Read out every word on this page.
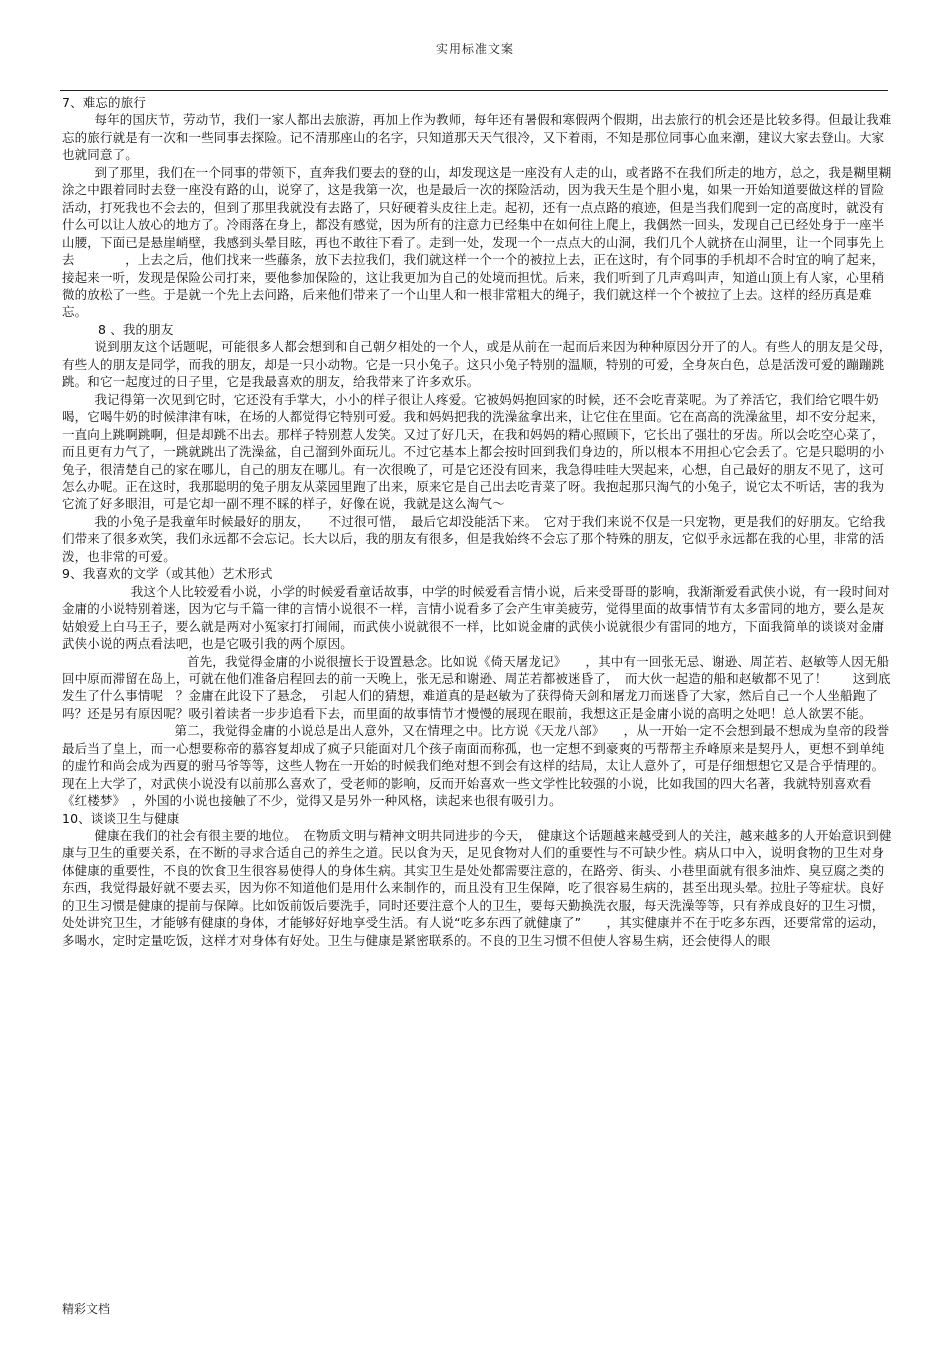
实用标准文案

7、难忘的旅行

每年的国庆节，劳动节，我们一家人都出去旅游，再加上作为教师，每年还有暑假和寒假两个假期，出去旅行的机会还是比较多得。但最让我难忘的旅行就是有一次和一些同事去探险。记不清那座山的名字，只知道那天天气很冷，又下着雨，不知是那位同事心血来潮，建议大家去登山。大家也就同意了。

到了那里，我们在一个同事的带领下，直奔我们要去的登的山，却发现这是一座没有人走的山，或者路不在我们所走的地方，总之，我是糊里糊涂之中跟着同时去登一座没有路的山，说穿了，这是我第一次，也是最后一次的探险活动，因为我天生是个胆小鬼，如果一开始知道要做这样的冒险活动，打死我也不会去的，但到了那里我就没有去路了，只好硬着头皮往上走。起初，还有一点点路的痕迹，但是当我们爬到一定的高度时，就没有什么可以让人放心的地方了。冷雨落在身上，都没有感觉，因为所有的注意力已经集中在如何往上爬上，我偶然一回头，发现自己已经处身于一座半山腰，下面已是悬崖峭壁，我感到头晕目眩，再也不敢往下看了。走到一处，发现一个一点点大的山洞，我们几个人就挤在山洞里，让一个同事先上去　　　　，上去之后，他们找来一些藤条，放下去拉我们，我们就这样一个一个的被拉上去，正在这时，有个同事的手机却不合时宜的响了起来，接起来一听，发现是保险公司打来，要他参加保险的，这让我更加为自己的处境而担忧。后来，我们听到了几声鸡叫声，知道山顶上有人家，心里稍微的放松了一些。于是就一个先上去问路，后来他们带来了一个山里人和一根非常粗大的绳子，我们就这样一个个被拉了上去。这样的经历真是难忘。

8 、我的朋友

说到朋友这个话题呢，可能很多人都会想到和自己朝夕相处的一个人，或是从前在一起而后来因为种种原因分开了的人。有些人的朋友是父母，有些人的朋友是同学，而我的朋友，却是一只小动物。它是一只小兔子。这只小兔子特别的温顺，特别的可爱，全身灰白色，总是活泼可爱的蹦蹦跳跳。和它一起度过的日子里，它是我最喜欢的朋友，给我带来了许多欢乐。

我记得第一次见到它时，它还没有手掌大，小小的样子很让人疼爱。它被妈妈抱回家的时候，还不会吃青菜呢。为了养活它，我们给它喂牛奶喝，它喝牛奶的时候津津有味，在场的人都觉得它特别可爱。我和妈妈把我的洗澡盆拿出来，让它住在里面。它在高高的洗澡盆里，却不安分起来，一直向上跳啊跳啊，但是却跳不出去。那样子特别惹人发笑。又过了好几天，在我和妈妈的精心照顾下，它长出了强壮的牙齿。所以会吃空心菜了，而且更有力气了，一跳就跳出了洗澡盆，自己溜到外面玩儿。不过它基本上都会按时回到我们身边的，所以根本不用担心它会丢了。它是只聪明的小兔子，很清楚自己的家在哪儿，自己的朋友在哪儿。有一次很晚了，可是它还没有回来，我急得哇哇大哭起来，心想，自己最好的朋友不见了，这可怎么办呢。正在这时，我那聪明的兔子朋友从菜园里跑了出来，原来它是自己出去吃青菜了呀。我抱起那只淘气的小兔子，说它太不听话，害的我为它流了好多眼泪，可是它却一副不理不睬的样子，好像在说，我就是这么淘气～

我的小兔子是我童年时候最好的朋友，　　不过很可惜，　最后它却没能活下来。　它对于我们来说不仅是一只宠物，更是我们的好朋友。它给我们带来了很多欢笑，我们永远都不会忘记。长大以后，我的朋友有很多，但是我始终不会忘了那个特殊的朋友，它似乎永远都在我的心里，非常的活泼，也非常的可爱。

9、我喜欢的文学（或其他）艺术形式

我这个人比较爱看小说，小学的时候爱看童话故事，中学的时候爱看言情小说，后来受哥哥的影响，我渐渐爱看武侠小说，有一段时间对金庸的小说特别着迷，因为它与千篇一律的言情小说很不一样，言情小说看多了会产生审美疲劳，觉得里面的故事情节有太多雷同的地方，要么是灰姑娘爱上白马王子，要么就是两对小冤家打打闹闹，而武侠小说就很不一样，比如说金庸的武侠小说就很少有雷同的地方，下面我简单的谈谈对金庸武侠小说的两点看法吧，也是它吸引我的两个原因。

首先，我觉得金庸的小说很擅长于设置悬念。比如说《倚天屠龙记》　　，其中有一回张无忌、谢逊、周芷若、赵敏等人因无船回中原而滞留在岛上，可就在他们准备启程回去的前一天晚上，张无忌和谢逊、周芷若都被迷昏了，　而大伙一起造的船和赵敏都不见了！　　这到底发生了什么事情呢　？金庸在此设下了悬念，　引起人们的猜想，难道真的是赵敏为了获得倚天剑和屠龙刀而迷昏了大家，然后自己一个人坐船跑了吗？还是另有原因呢？吸引着读者一步步追看下去，而里面的故事情节才慢慢的展现在眼前，我想这正是金庸小说的高明之处吧！总人欲罢不能。

第二，我觉得金庸的小说总是出人意外，又在情理之中。比方说《天龙八部》　　，从一开始一定不会想到最不想成为皇帝的段誉最后当了皇上，而一心想要称帝的慕容复却成了疯子只能面对几个孩子南面而称孤，也一定想不到豪爽的丐帮帮主乔峰原来是契丹人，更想不到单纯的虚竹和尚会成为西夏的驸马爷等等，这些人物在一开始的时候我们绝对想不到会有这样的结局，太让人意外了，可是仔细想想它又是合乎情理的。现在上大学了，对武侠小说没有以前那么喜欢了，受老师的影响，反而开始喜欢一些文学性比较强的小说，比如我国的四大名著，我就特别喜欢看《红楼梦》　，外国的小说也接触了不少，觉得又是另外一种风格，读起来也很有吸引力。

10、谈谈卫生与健康

健康在我们的社会有很主要的地位。　在物质文明与精神文明共同进步的今天，　健康这个话题越来越受到人的关注，越来越多的人开始意识到健康与卫生的重要关系，在不断的寻求合适自己的养生之道。民以食为天，足见食物对人们的重要性与不可缺少性。病从口中入，说明食物的卫生对身体健康的重要性，不良的饮食卫生很容易使得人的身体生病。其实卫生是处处都需要注意的，在路旁、街头、小巷里面就有很多油炸、臭豆腐之类的东西，我觉得最好就不要去买，因为你不知道他们是用什么来制作的，而且没有卫生保障，吃了很容易生病的，甚至出现头晕。拉肚子等症状。良好的卫生习惯是健康的提前与保障。比如饭前饭后要洗手，同时还要注意个人的卫生，要每天勤换洗衣服，每天洗澡等等，只有养成良好的卫生习惯，处处讲究卫生，才能够有健康的身体，才能够好好地享受生活。有人说“吃多东西了就健康了”　　，其实健康并不在于吃多东西，还要常常的运动，多喝水，定时定量吃饭，这样才对身体有好处。卫生与健康是紧密联系的。不良的卫生习惯不但使人容易生病，还会使得人的眼

精彩文档
